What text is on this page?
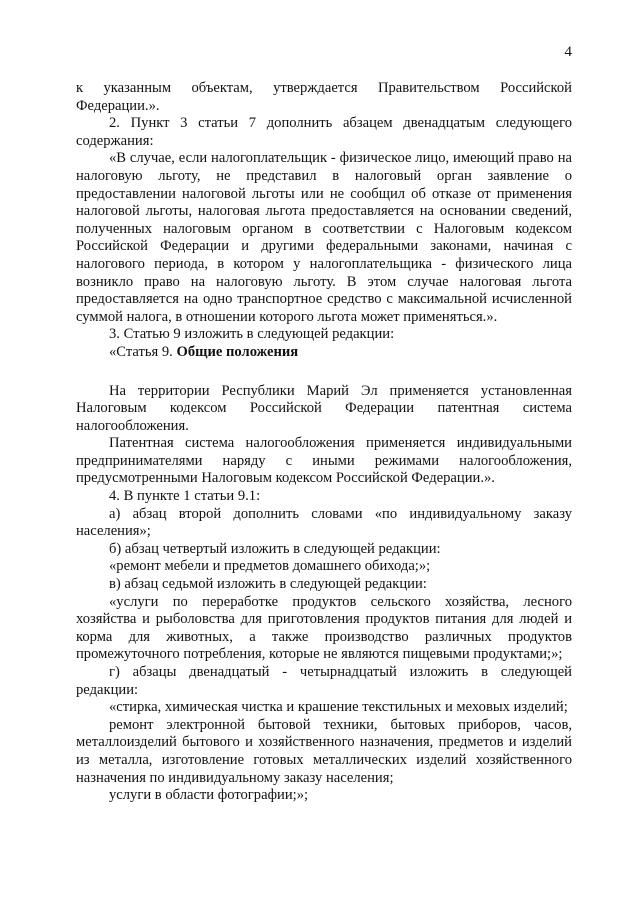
4

к указанным объектам, утверждается Правительством Российской Федерации.».

2. Пункт 3 статьи 7 дополнить абзацем двенадцатым следующего содержания:

«В случае, если налогоплательщик - физическое лицо, имеющий право на налоговую льготу, не представил в налоговый орган заявление о предоставлении налоговой льготы или не сообщил об отказе от применения налоговой льготы, налоговая льгота предоставляется на основании сведений, полученных налоговым органом в соответствии с Налоговым кодексом Российской Федерации и другими федеральными законами, начиная с налогового периода, в котором у налогоплательщика - физического лица возникло право на налоговую льготу. В этом случае налоговая льгота предоставляется на одно транспортное средство с максимальной исчисленной суммой налога, в отношении которого льгота может применяться.».

3. Статью 9 изложить в следующей редакции:

«Статья 9. Общие положения

На территории Республики Марий Эл применяется установленная Налоговым кодексом Российской Федерации патентная система налогообложения.

Патентная система налогообложения применяется индивидуальными предпринимателями наряду с иными режимами налогообложения, предусмотренными Налоговым кодексом Российской Федерации.».

4. В пункте 1 статьи 9.1:

а) абзац второй дополнить словами «по индивидуальному заказу населения»;

б) абзац четвертый изложить в следующей редакции:

«ремонт мебели и предметов домашнего обихода;»;

в) абзац седьмой изложить в следующей редакции:

«услуги по переработке продуктов сельского хозяйства, лесного хозяйства и рыболовства для приготовления продуктов питания для людей и корма для животных, а также производство различных продуктов промежуточного потребления, которые не являются пищевыми продуктами;»;

г) абзацы двенадцатый - четырнадцатый изложить в следующей редакции:

«стирка, химическая чистка и крашение текстильных и меховых изделий;

ремонт электронной бытовой техники, бытовых приборов, часов, металлоизделий бытового и хозяйственного назначения, предметов и изделий из металла, изготовление готовых металлических изделий хозяйственного назначения по индивидуальному заказу населения;

услуги в области фотографии;»;
